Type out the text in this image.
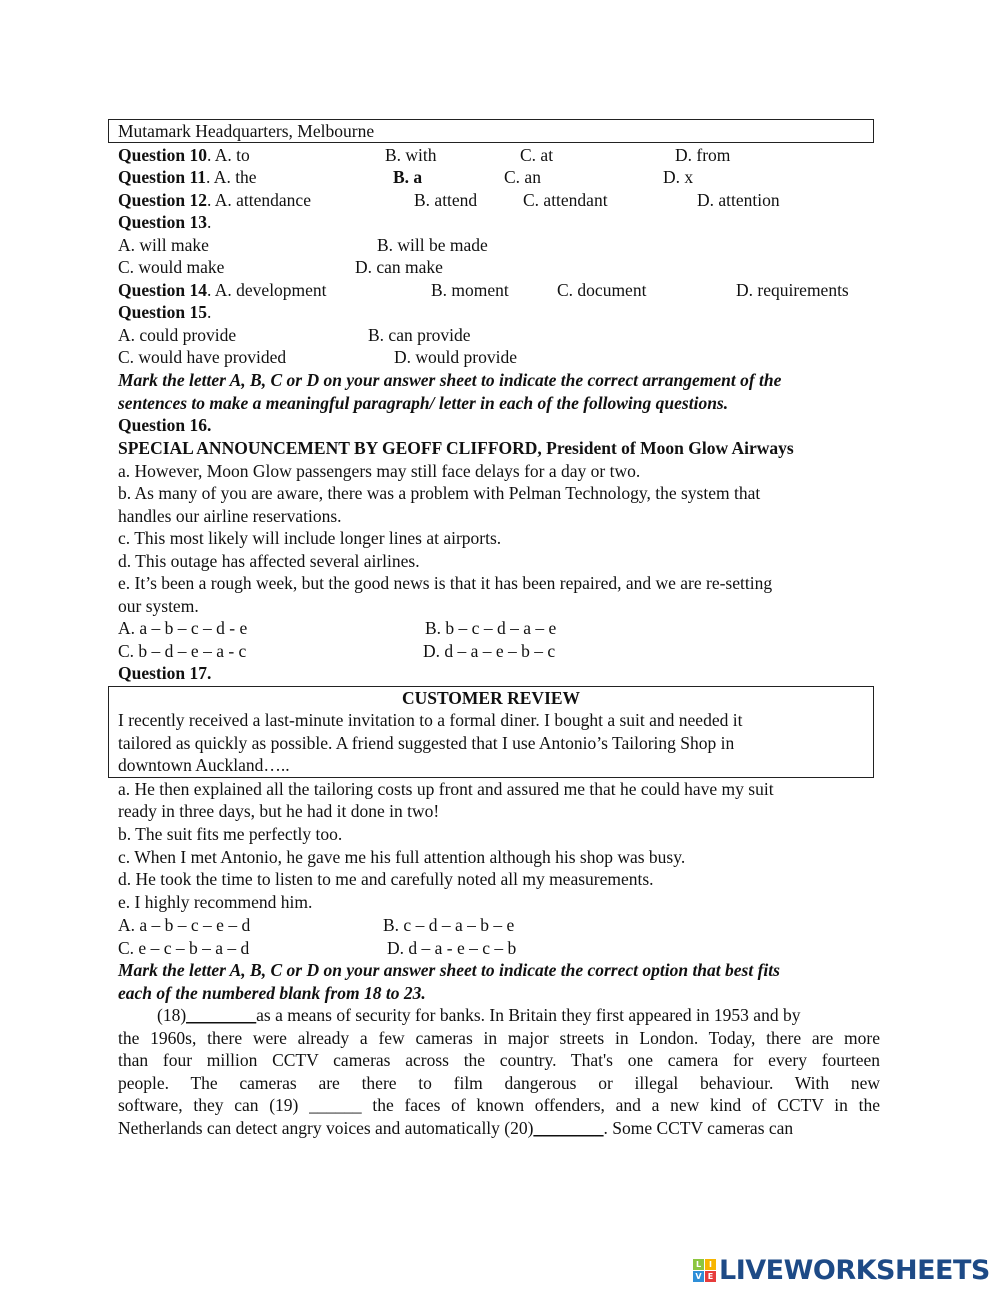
Mutamark Headquarters, Melbourne
Question 10. A. to	B. with	C. at	D. from
Question 11. A. the	B. a	C. an	D. x
Question 12. A. attendance	B. attend	C. attendant	D. attention
Question 13.
A. will make	B. will be made
C. would make	D. can make
Question 14. A. development	B. moment	C. document	D. requirements
Question 15.
A. could provide	B. can provide
C. would have provided	D. would provide
Mark the letter A, B, C or D on your answer sheet to indicate the correct arrangement of the
sentences to make a meaningful paragraph/ letter in each of the following questions.
Question 16.
SPECIAL ANNOUNCEMENT BY GEOFF CLIFFORD, President of Moon Glow Airways
a. However, Moon Glow passengers may still face delays for a day or two.
b. As many of you are aware, there was a problem with Pelman Technology, the system that
handles our airline reservations.
c. This most likely will include longer lines at airports.
d. This outage has affected several airlines.
e. It’s been a rough week, but the good news is that it has been repaired, and we are re-setting
our system.
A. a – b – c – d - e	B. b – c – d – a – e
C. b – d – e – a - c	D. d – a – e – b – c
Question 17.
CUSTOMER REVIEW
I recently received a last-minute invitation to a formal diner. I bought a suit and needed it
tailored as quickly as possible. A friend suggested that I use Antonio’s Tailoring Shop in
downtown Auckland…..
a. He then explained all the tailoring costs up front and assured me that he could have my suit
ready in three days, but he had it done in two!
b. The suit fits me perfectly too.
c. When I met Antonio, he gave me his full attention although his shop was busy.
d. He took the time to listen to me and carefully noted all my measurements.
e. I highly recommend him.
A. a – b – c – e – d	B. c – d – a – b – e
C. e – c – b – a – d	D. d – a - e – c – b
Mark the letter A, B, C or D on your answer sheet to indicate the correct option that best fits
each of the numbered blank from 18 to 23.
(18)________as a means of security for banks. In Britain they first appeared in 1953 and by
the 1960s, there were already a few cameras in major streets in London. Today, there are more
than four million CCTV cameras across the country. That's one camera for every fourteen
people. The cameras are there to film dangerous or illegal behaviour. With new
software, they can (19) ______ the faces of known offenders, and a new kind of CCTV in the
Netherlands can detect angry voices and automatically (20)________. Some CCTV cameras can
L I
V E LIVEWORKSHEETS
